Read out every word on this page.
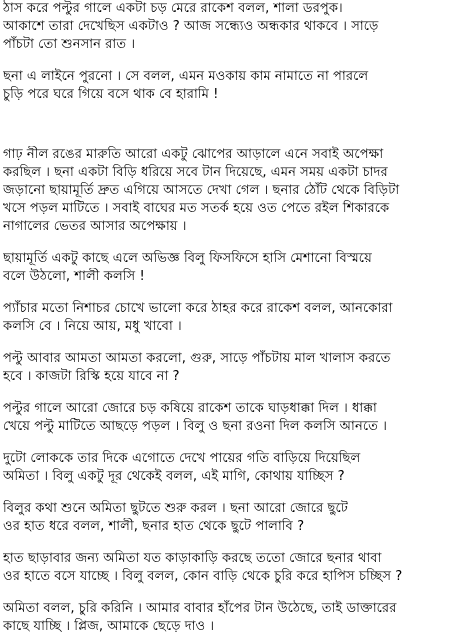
ঠাস করে পল্টুর গালে একটা চড় মেরে রাকেশ বলল, শালা ডরপুক।
আকাশে তারা দেখেছিস একটাও ? আজ সন্ধ্যেও অন্ধকার থাকবে । সাড়ে
পাঁচটা তো শুনসান রাত ।
ছনা এ লাইনে পুরনো । সে বলল, এমন মওকায় কাম নামাতে না পারলে
চুড়ি পরে ঘরে গিয়ে বসে থাক বে হারামি !
গাঢ় নীল রঙের মারুতি আরো একটু ঝোপের আড়ালে এনে সবাই অপেক্ষা
করছিল । ছনা একটা বিড়ি ধরিয়ে সবে টান দিয়েছে, এমন সময় একটা চাদর
জড়ানো ছায়ামূর্তি দ্রুত এগিয়ে আসতে দেখা গেল । ছনার ঠোঁট থেকে বিড়িটা
খসে পড়ল মাটিতে । সবাই বাঘের মত সতর্ক হয়ে ওত পেতে রইল শিকারকে
নাগালের ভেতর আসার অপেক্ষায় ।
ছায়ামূর্তি একটু কাছে এলে অভিজ্ঞ বিলু ফিসফিসে হাসি মেশানো বিস্ময়ে
বলে উঠলো, শালী কলসি !
প্যাঁচার মতো নিশাচর চোখে ভালো করে ঠাহর করে রাকেশ বলল, আনকোরা
কলসি বে । নিয়ে আয়, মধু খাবো ।
পল্টু আবার আমতা আমতা করলো, গুরু, সাড়ে পাঁচটায় মাল খালাস করতে
হবে । কাজটা রিস্কি হয়ে যাবে না ?
পল্টুর গালে আরো জোরে চড় কষিয়ে রাকেশ তাকে ঘাড়ধাক্কা দিল । ধাক্কা
খেয়ে পল্টু মাটিতে আছড়ে পড়ল । বিলু ও ছনা রওনা দিল কলসি আনতে ।
দুটো লোককে তার দিকে এগোতে দেখে পায়ের গতি বাড়িয়ে দিয়েছিল
অমিতা । বিলু একটু দূর থেকেই বলল, এই মাগি, কোথায় যাচ্ছিস ?
বিলুর কথা শুনে অমিতা ছুটতে শুরু করল । ছনা আরো জোরে ছুটে
ওর হাত ধরে বলল, শালী, ছনার হাত থেকে ছুটে পালাবি ?
হাত ছাড়াবার জন্য অমিতা যত কাড়াকাড়ি করছে ততো জোরে ছনার থাবা
ওর হাতে বসে যাচ্ছে । বিলু বলল, কোন বাড়ি থেকে চুরি করে হাপিস চচ্ছিস ?
অমিতা বলল, চুরি করিনি । আমার বাবার হাঁপের টান উঠেছে, তাই ডাক্তারের
কাছে যাচ্ছি । প্লিজ, আমাকে ছেড়ে দাও ।
